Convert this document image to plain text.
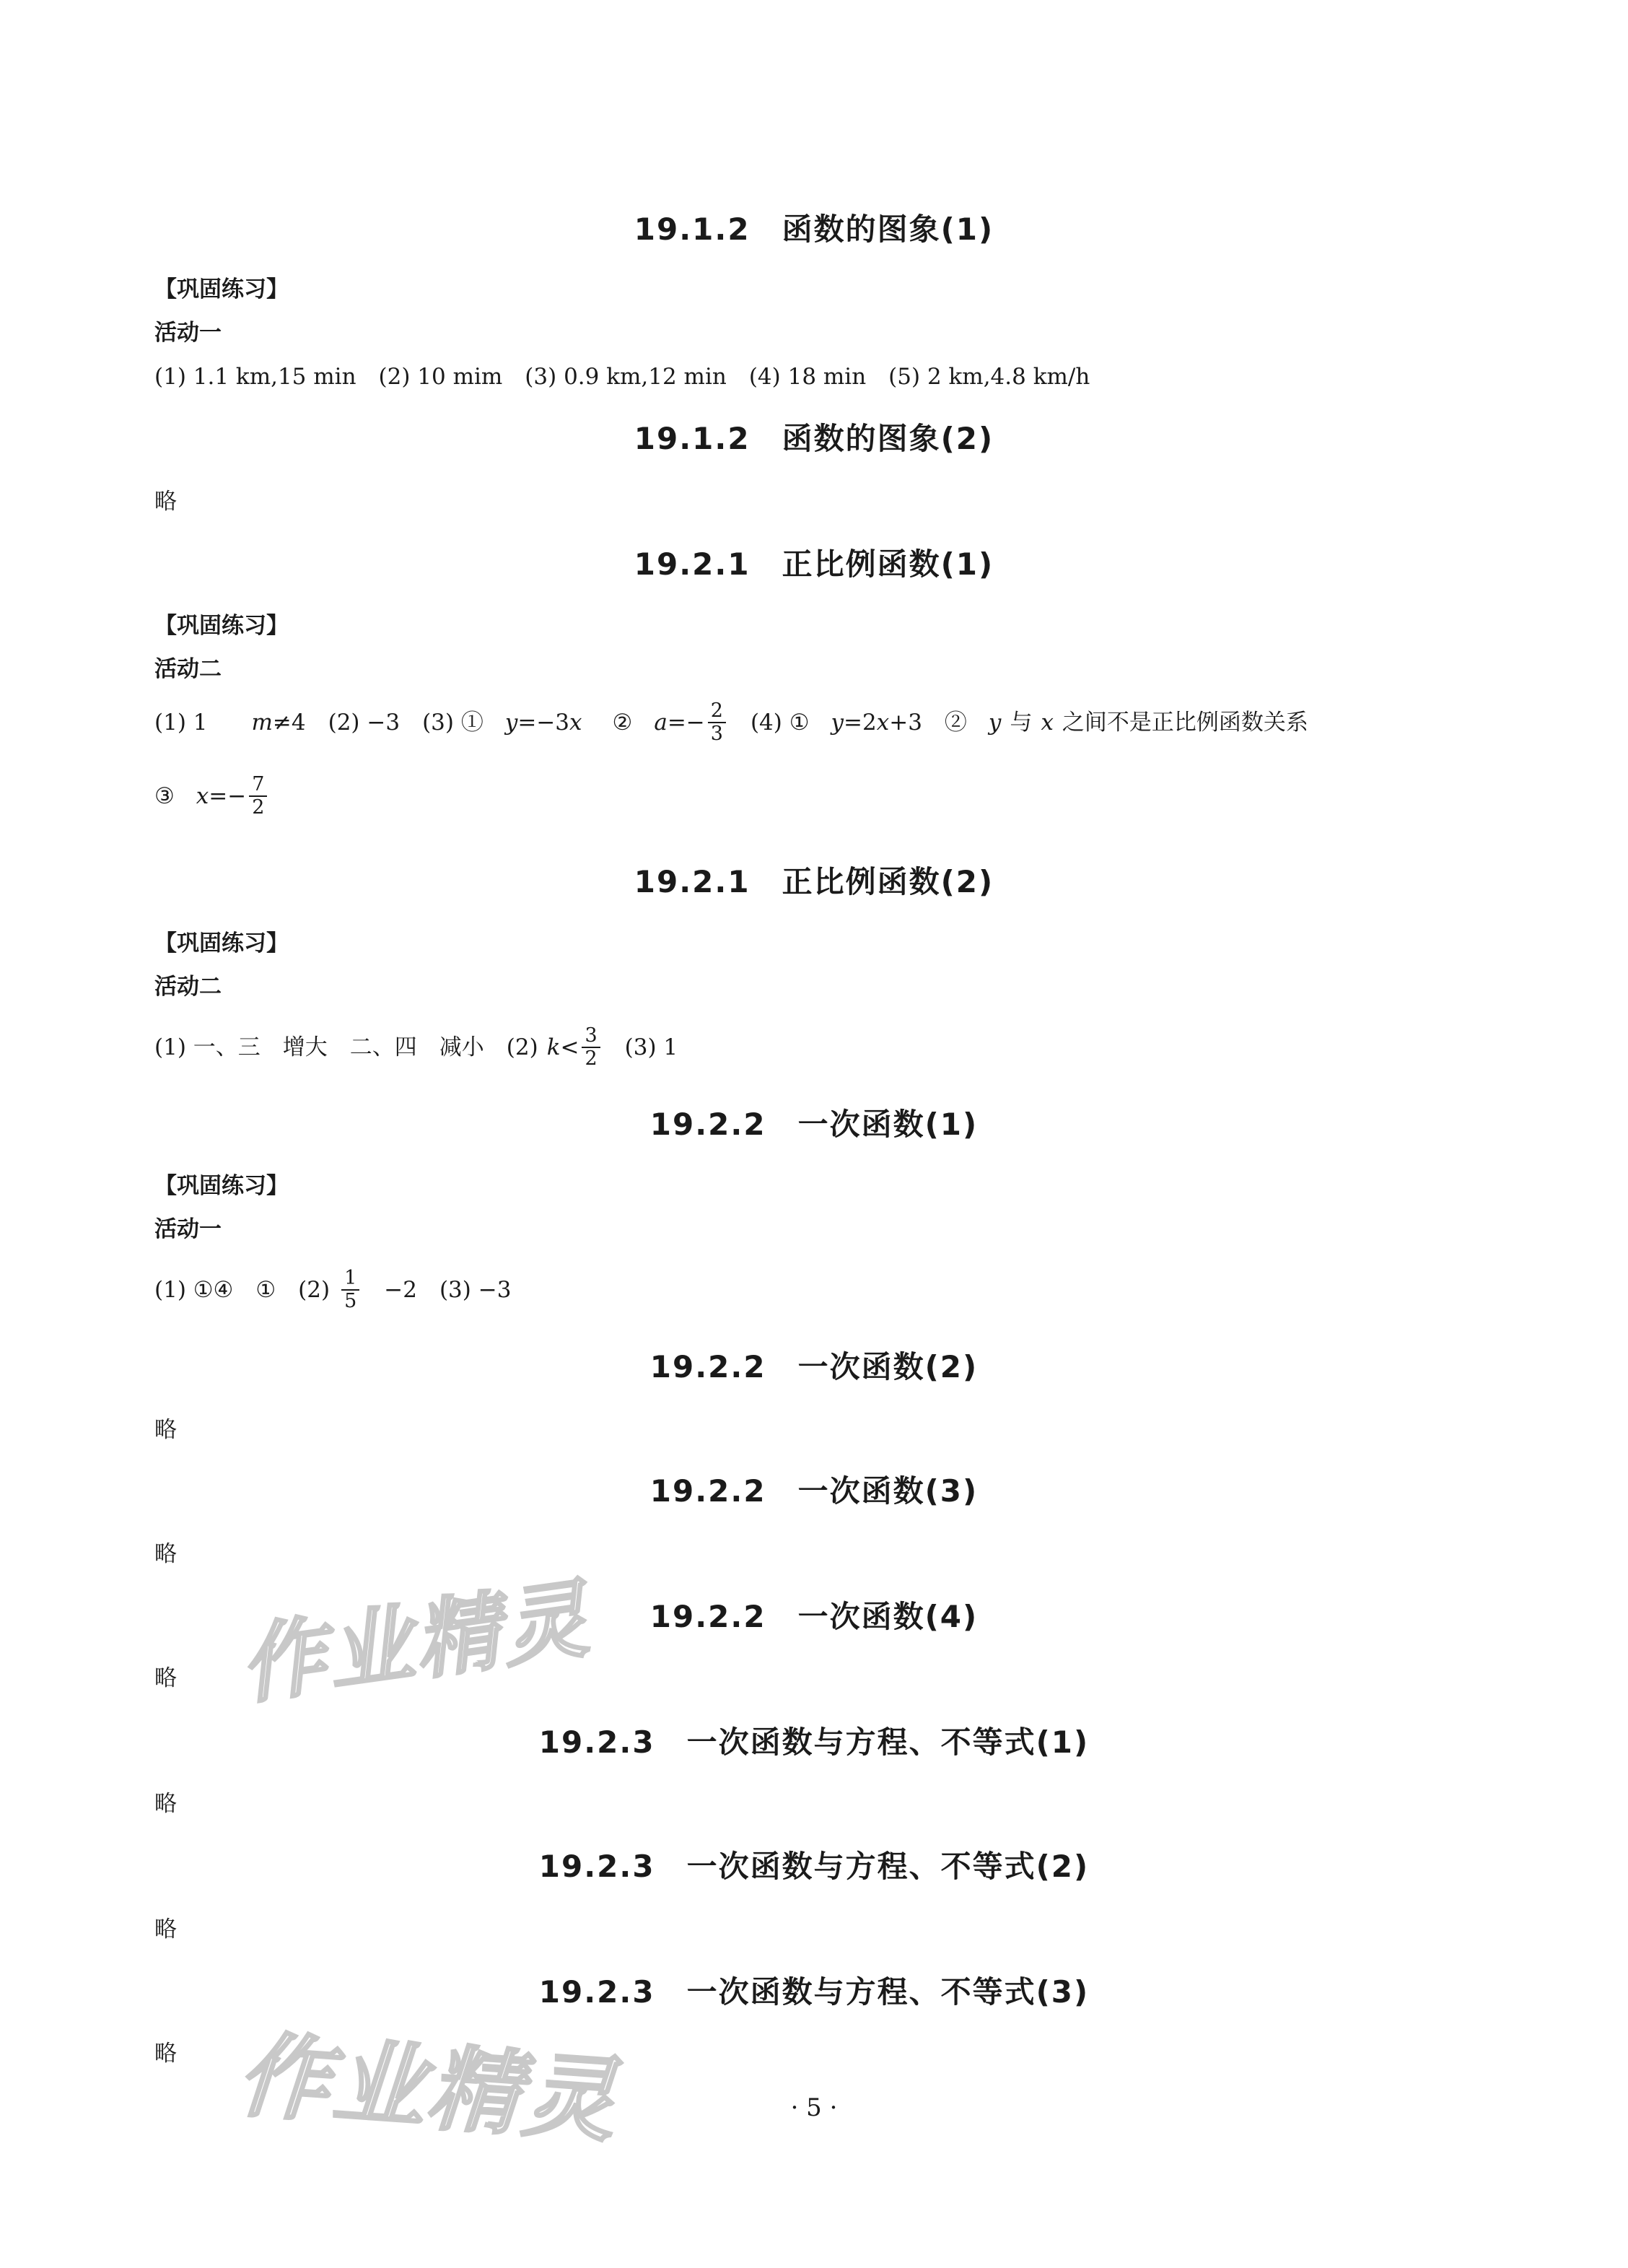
19.1.2　函数的图象(1)
【巩固练习】
活动一
(1) 1.1 km,15 min　(2) 10 mim　(3) 0.9 km,12 min　(4) 18 min　(5) 2 km,4.8 km/h
19.1.2　函数的图象(2)
略
19.2.1　正比例函数(1)
【巩固练习】
活动二
(1) 1　 m ≠4　(2) −3　(3) ① y =−3 x ② $a =- \frac{2}{3} (4)$ ① y =2 x +3　② y 与 x 之间不是正比例函数关系
③ $x =- \frac{7}{2}$
19.2.1　正比例函数(2)
【巩固练习】
活动二
(1) 一、三　增大　二、四　减小　(2) $k < \frac{3}{2} (3)$ 1
19.2.2　一次函数(1)
【巩固练习】
活动一
(1) ①④　①　$(2) \frac{1}{5} -2$　(3) −3
19.2.2　一次函数(2)
略
19.2.2　一次函数(3)
略
作业精灵	19.2.2　一次函数(4)
略
19.2.3　一次函数与方程、不等式(1)
略
19.2.3　一次函数与方程、不等式(2)
略
19.2.3　一次函数与方程、不等式(3)
略 作业精灵	· 5 ·
